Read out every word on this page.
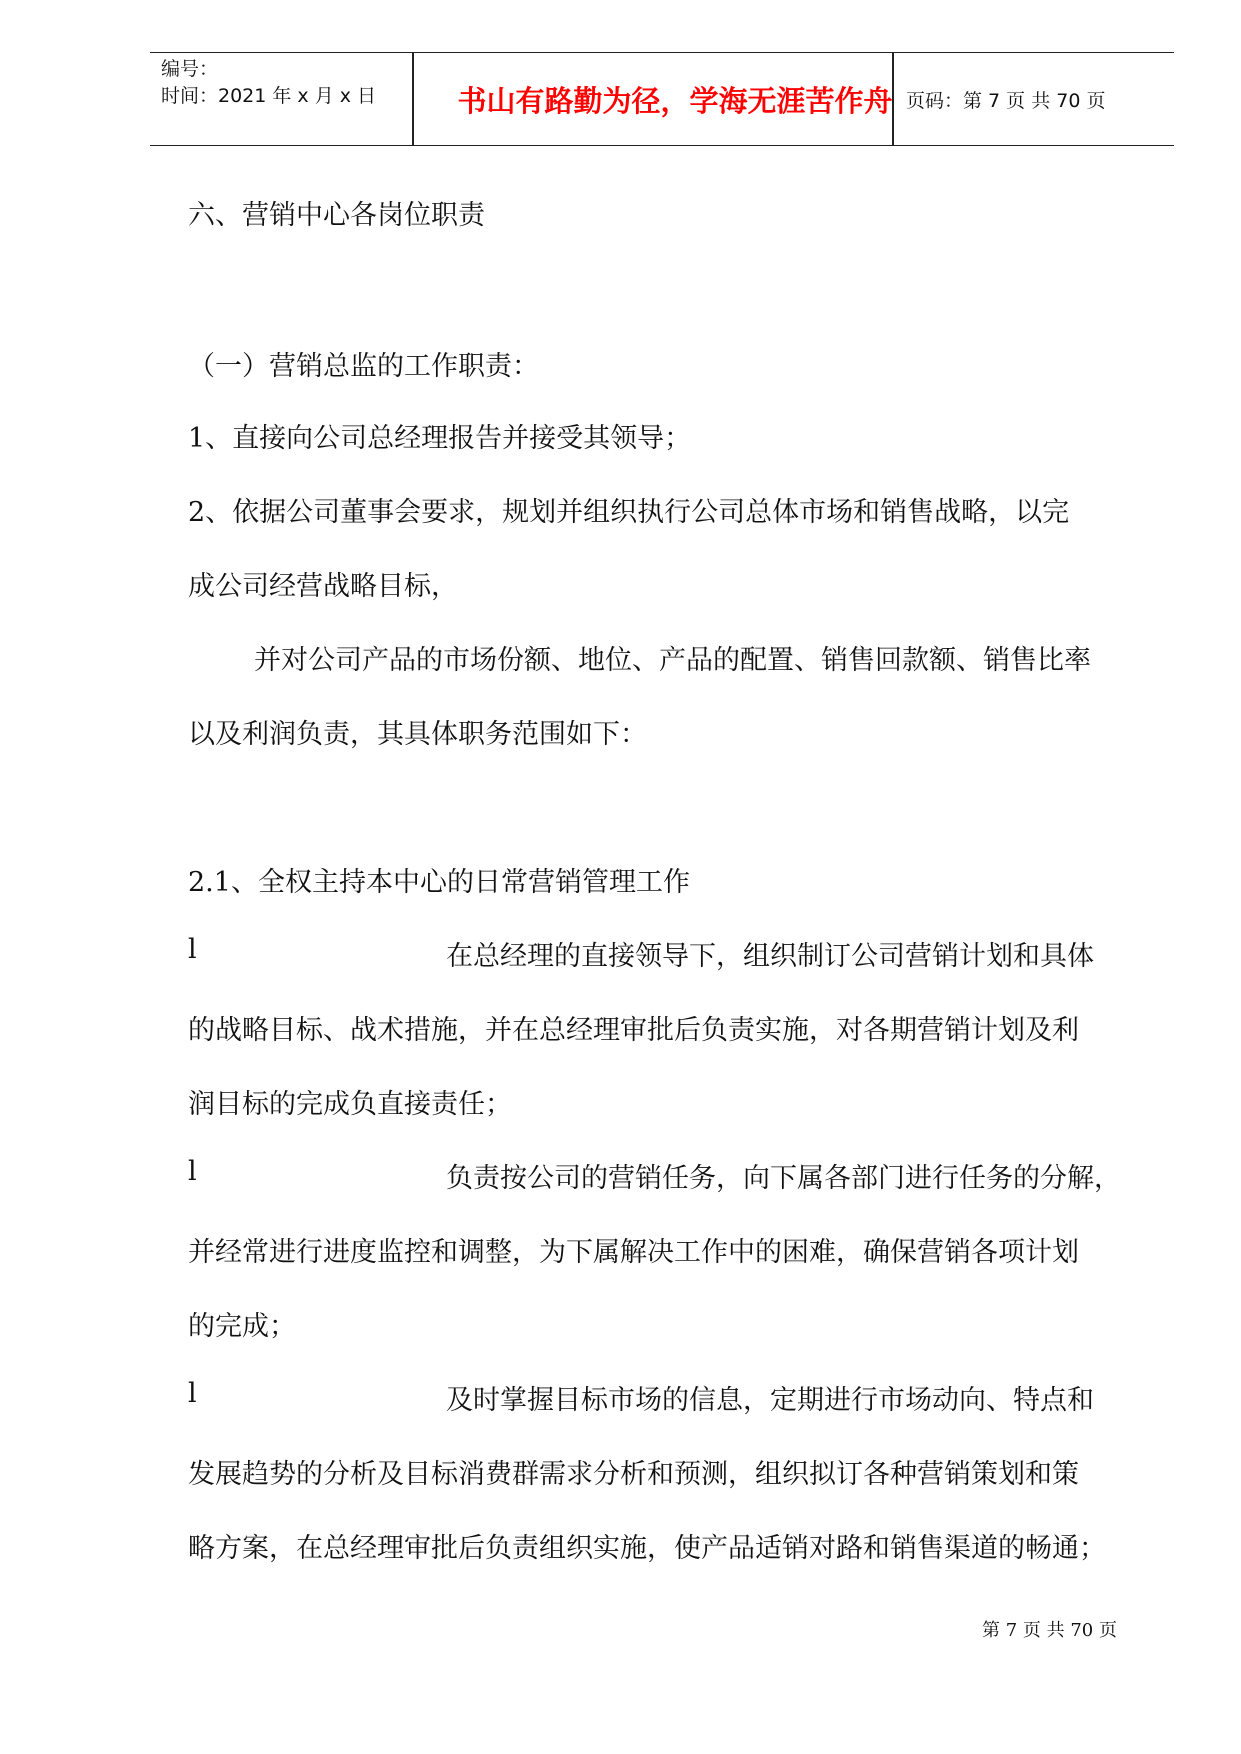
编号：
时间：2021 年 x 月 x 日	书山有路勤为径，学海无涯苦作舟 页码：第 7 页 共 70 页
六、营销中心各岗位职责
（一）营销总监的工作职责：
1、直接向公司总经理报告并接受其领导；
2、依据公司董事会要求，规划并组织执行公司总体市场和销售战略，以完
成公司经营战略目标，
并对公司产品的市场份额、地位、产品的配置、销售回款额、销售比率
以及利润负责，其具体职务范围如下：
2.1、全权主持本中心的日常营销管理工作
l	在总经理的直接领导下，组织制订公司营销计划和具体
的战略目标、战术措施，并在总经理审批后负责实施，对各期营销计划及利
润目标的完成负直接责任；
l	负责按公司的营销任务，向下属各部门进行任务的分解，
并经常进行进度监控和调整，为下属解决工作中的困难，确保营销各项计划
的完成；
l	及时掌握目标市场的信息，定期进行市场动向、特点和
发展趋势的分析及目标消费群需求分析和预测，组织拟订各种营销策划和策
略方案，在总经理审批后负责组织实施，使产品适销对路和销售渠道的畅通；
第 7 页 共 70 页
